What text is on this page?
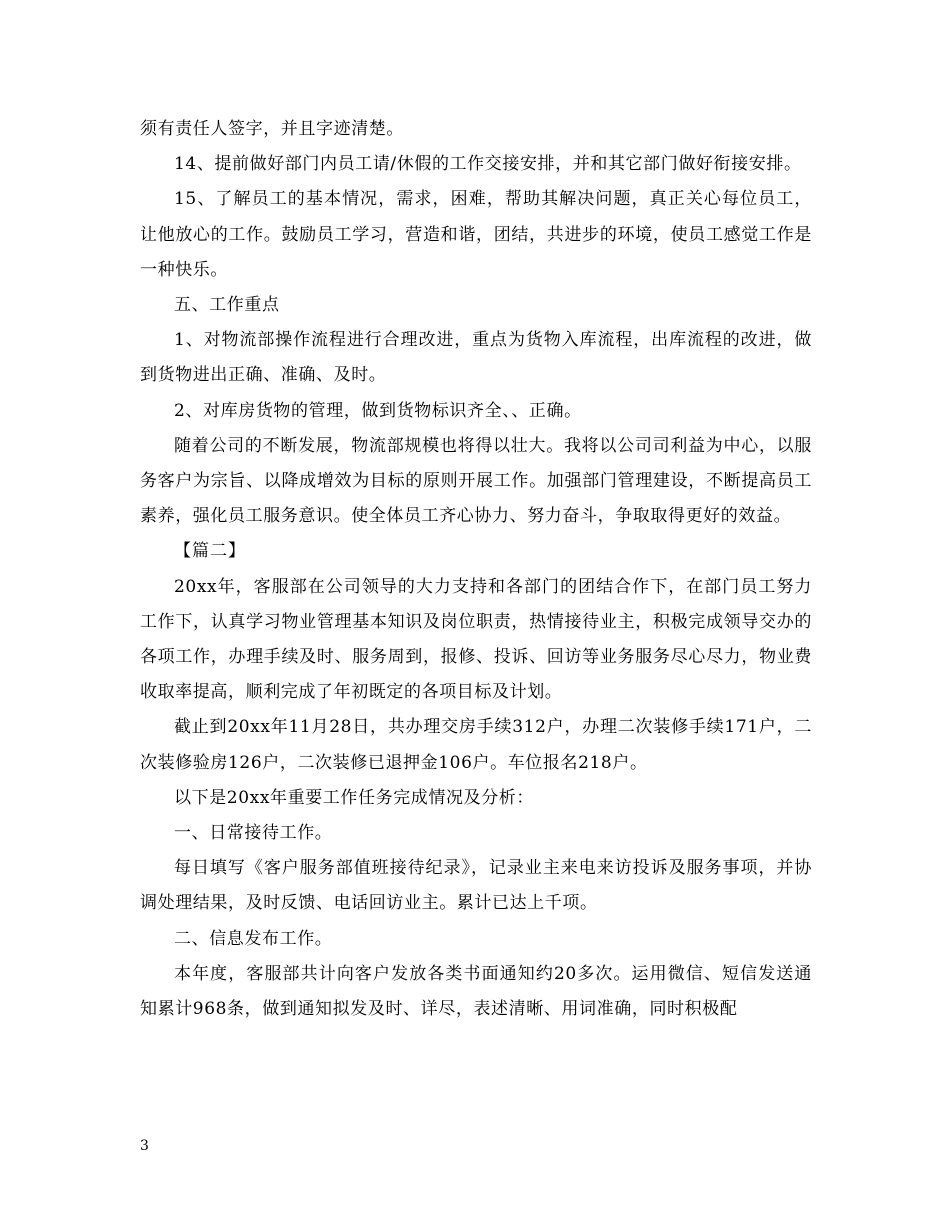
须有责任人签字，并且字迹清楚。

14、提前做好部门内员工请/休假的工作交接安排，并和其它部门做好衔接安排。

15、了解员工的基本情况，需求，困难，帮助其解决问题，真正关心每位员工，让他放心的工作。鼓励员工学习，营造和谐，团结，共进步的环境，使员工感觉工作是一种快乐。

五、工作重点

1、对物流部操作流程进行合理改进，重点为货物入库流程，出库流程的改进，做到货物进出正确、准确、及时。

2、对库房货物的管理，做到货物标识齐全、、正确。

随着公司的不断发展，物流部规模也将得以壮大。我将以公司司利益为中心，以服务客户为宗旨、以降成增效为目标的原则开展工作。加强部门管理建设，不断提高员工素养，强化员工服务意识。使全体员工齐心协力、努力奋斗，争取取得更好的效益。

【篇二】

20xx年，客服部在公司领导的大力支持和各部门的团结合作下，在部门员工努力工作下，认真学习物业管理基本知识及岗位职责，热情接待业主，积极完成领导交办的各项工作，办理手续及时、服务周到，报修、投诉、回访等业务服务尽心尽力，物业费收取率提高，顺利完成了年初既定的各项目标及计划。

截止到20xx年11月28日，共办理交房手续312户，办理二次装修手续171户，二次装修验房126户，二次装修已退押金106户。车位报名218户。

以下是20xx年重要工作任务完成情况及分析：

一、日常接待工作。

每日填写《客户服务部值班接待纪录》，记录业主来电来访投诉及服务事项，并协调处理结果，及时反馈、电话回访业主。累计已达上千项。

二、信息发布工作。

本年度，客服部共计向客户发放各类书面通知约20多次。运用微信、短信发送通知累计968条，做到通知拟发及时、详尽，表述清晰、用词准确，同时积极配

3
